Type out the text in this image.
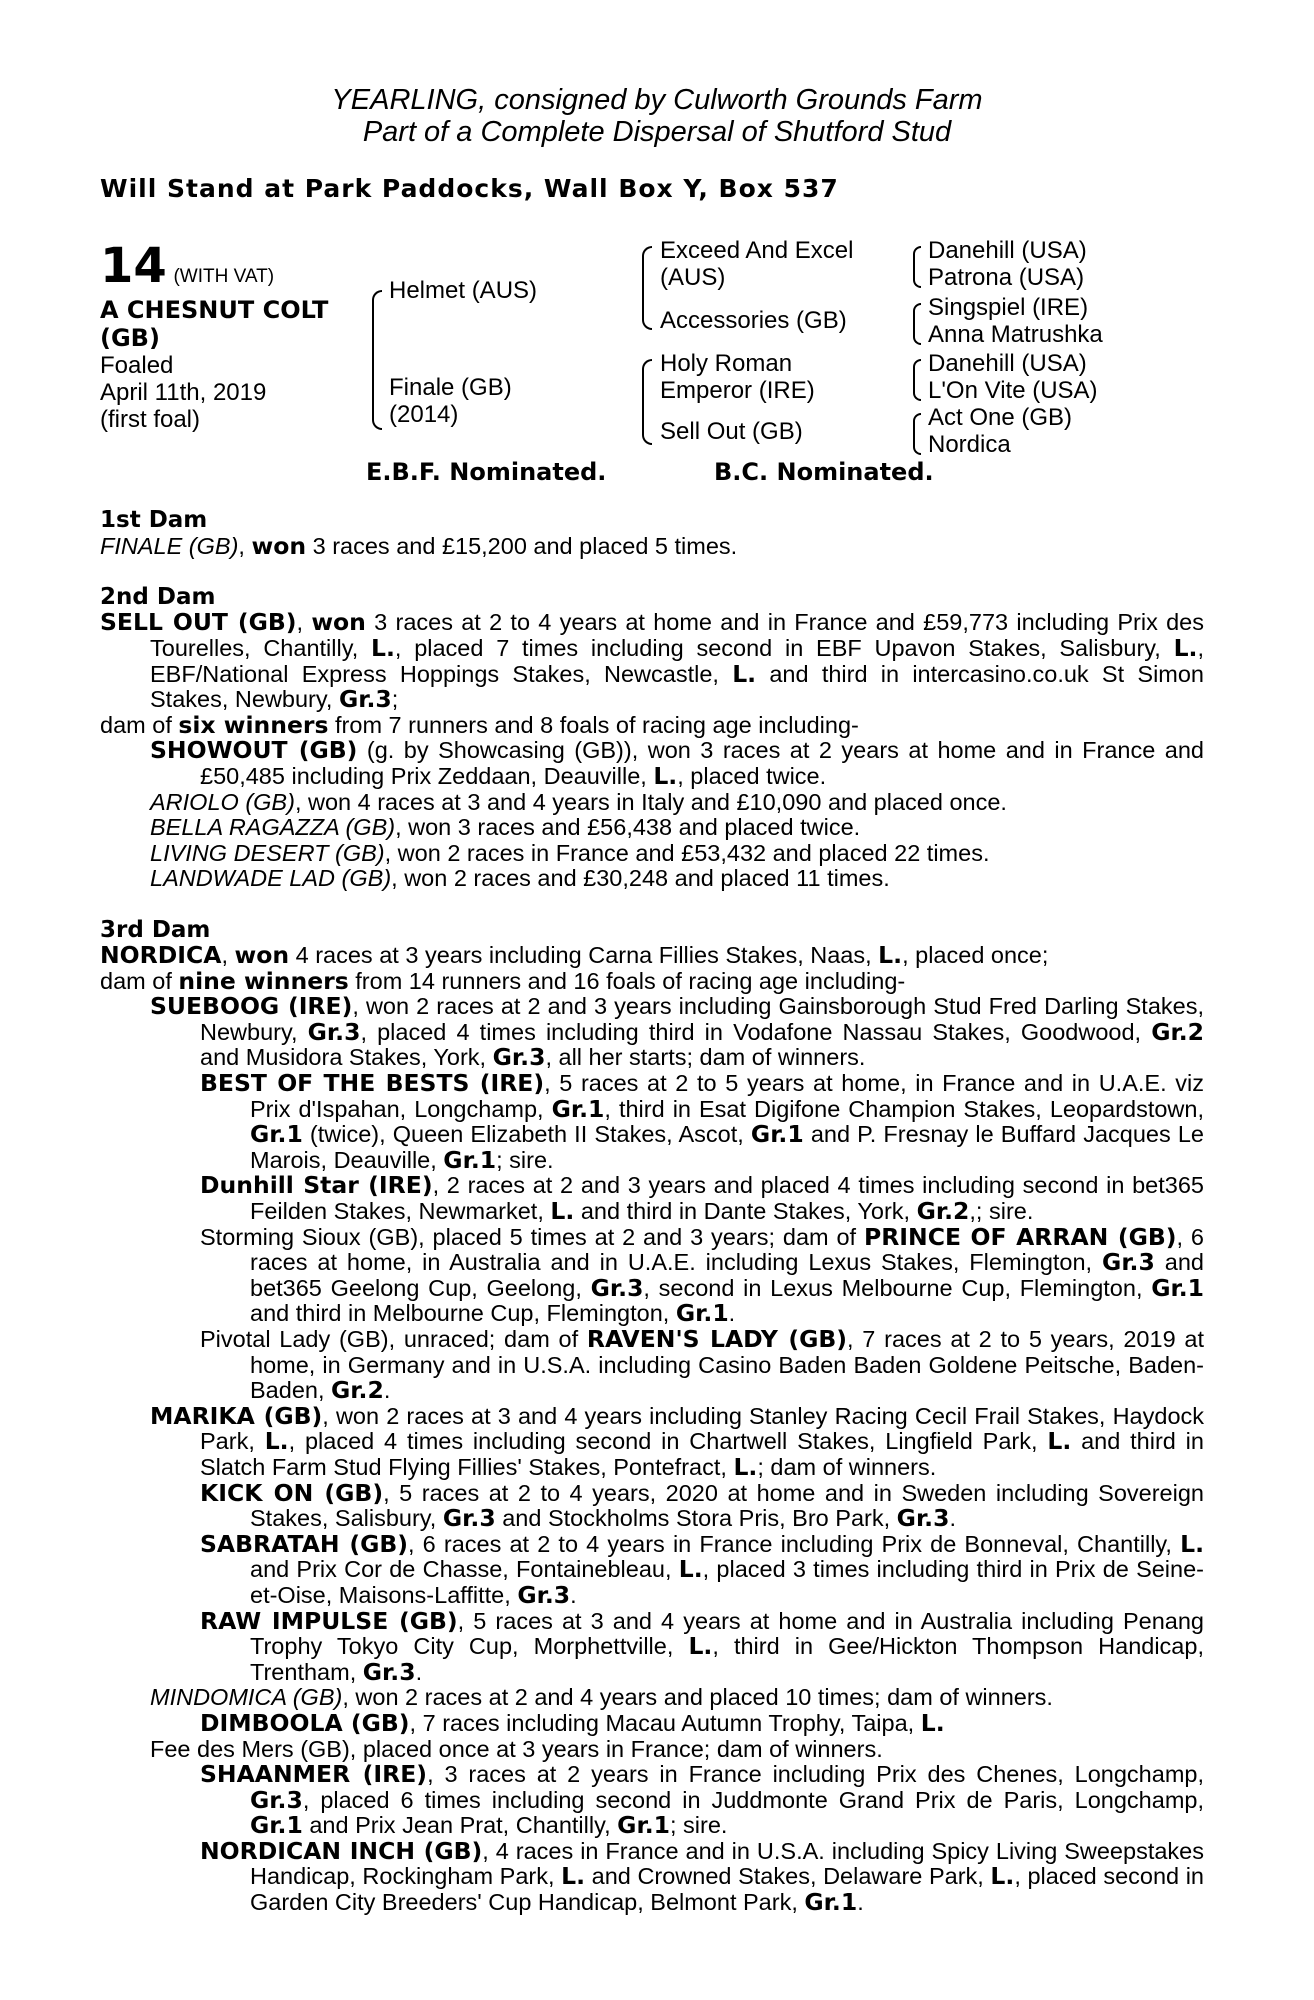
YEARLING, consigned by Culworth Grounds Farm
Part of a Complete Dispersal of Shutford Stud
Will Stand at Park Paddocks, Wall Box Y, Box 537
14 (WITH VAT)
A CHESNUT COLT
(GB)
Foaled
April 11th, 2019
(first foal)
Helmet (AUS)
Finale (GB)
(2014)
Exceed And Excel
(AUS)
Accessories (GB)
Holy Roman
Emperor (IRE)
Sell Out (GB)
Danehill (USA)
Patrona (USA)
Singspiel (IRE)
Anna Matrushka
Danehill (USA)
L'On Vite (USA)
Act One (GB)
Nordica
E.B.F. Nominated.	B.C. Nominated.
1st Dam
FINALE (GB), won 3 races and £15,200 and placed 5 times.
2nd Dam
SELL OUT (GB), won 3 races at 2 to 4 years at home and in France and £59,773 including Prix des Tourelles, Chantilly, L., placed 7 times including second in EBF Upavon Stakes, Salisbury, L., EBF/National Express Hoppings Stakes, Newcastle, L. and third in intercasino.co.uk St Simon Stakes, Newbury, Gr.3;
dam of six winners from 7 runners and 8 foals of racing age including-
SHOWOUT (GB) (g. by Showcasing (GB)), won 3 races at 2 years at home and in France and £50,485 including Prix Zeddaan, Deauville, L., placed twice.
ARIOLO (GB), won 4 races at 3 and 4 years in Italy and £10,090 and placed once.
BELLA RAGAZZA (GB), won 3 races and £56,438 and placed twice.
LIVING DESERT (GB), won 2 races in France and £53,432 and placed 22 times.
LANDWADE LAD (GB), won 2 races and £30,248 and placed 11 times.
3rd Dam
NORDICA, won 4 races at 3 years including Carna Fillies Stakes, Naas, L., placed once;
dam of nine winners from 14 runners and 16 foals of racing age including-
SUEBOOG (IRE), won 2 races at 2 and 3 years including Gainsborough Stud Fred Darling Stakes, Newbury, Gr.3, placed 4 times including third in Vodafone Nassau Stakes, Goodwood, Gr.2 and Musidora Stakes, York, Gr.3, all her starts; dam of winners.
BEST OF THE BESTS (IRE), 5 races at 2 to 5 years at home, in France and in U.A.E. viz Prix d'Ispahan, Longchamp, Gr.1, third in Esat Digifone Champion Stakes, Leopardstown, Gr.1 (twice), Queen Elizabeth II Stakes, Ascot, Gr.1 and P. Fresnay le Buffard Jacques Le Marois, Deauville, Gr.1; sire.
Dunhill Star (IRE), 2 races at 2 and 3 years and placed 4 times including second in bet365 Feilden Stakes, Newmarket, L. and third in Dante Stakes, York, Gr.2,; sire.
Storming Sioux (GB), placed 5 times at 2 and 3 years; dam of PRINCE OF ARRAN (GB), 6 races at home, in Australia and in U.A.E. including Lexus Stakes, Flemington, Gr.3 and bet365 Geelong Cup, Geelong, Gr.3, second in Lexus Melbourne Cup, Flemington, Gr.1 and third in Melbourne Cup, Flemington, Gr.1.
Pivotal Lady (GB), unraced; dam of RAVEN'S LADY (GB), 7 races at 2 to 5 years, 2019 at home, in Germany and in U.S.A. including Casino Baden Baden Goldene Peitsche, Baden-Baden, Gr.2.
MARIKA (GB), won 2 races at 3 and 4 years including Stanley Racing Cecil Frail Stakes, Haydock Park, L., placed 4 times including second in Chartwell Stakes, Lingfield Park, L. and third in Slatch Farm Stud Flying Fillies' Stakes, Pontefract, L.; dam of winners.
KICK ON (GB), 5 races at 2 to 4 years, 2020 at home and in Sweden including Sovereign Stakes, Salisbury, Gr.3 and Stockholms Stora Pris, Bro Park, Gr.3.
SABRATAH (GB), 6 races at 2 to 4 years in France including Prix de Bonneval, Chantilly, L. and Prix Cor de Chasse, Fontainebleau, L., placed 3 times including third in Prix de Seine-et-Oise, Maisons-Laffitte, Gr.3.
RAW IMPULSE (GB), 5 races at 3 and 4 years at home and in Australia including Penang Trophy Tokyo City Cup, Morphettville, L., third in Gee/Hickton Thompson Handicap, Trentham, Gr.3.
MINDOMICA (GB), won 2 races at 2 and 4 years and placed 10 times; dam of winners.
DIMBOOLA (GB), 7 races including Macau Autumn Trophy, Taipa, L.
Fee des Mers (GB), placed once at 3 years in France; dam of winners.
SHAANMER (IRE), 3 races at 2 years in France including Prix des Chenes, Longchamp, Gr.3, placed 6 times including second in Juddmonte Grand Prix de Paris, Longchamp, Gr.1 and Prix Jean Prat, Chantilly, Gr.1; sire.
NORDICAN INCH (GB), 4 races in France and in U.S.A. including Spicy Living Sweepstakes Handicap, Rockingham Park, L. and Crowned Stakes, Delaware Park, L., placed second in Garden City Breeders' Cup Handicap, Belmont Park, Gr.1.
